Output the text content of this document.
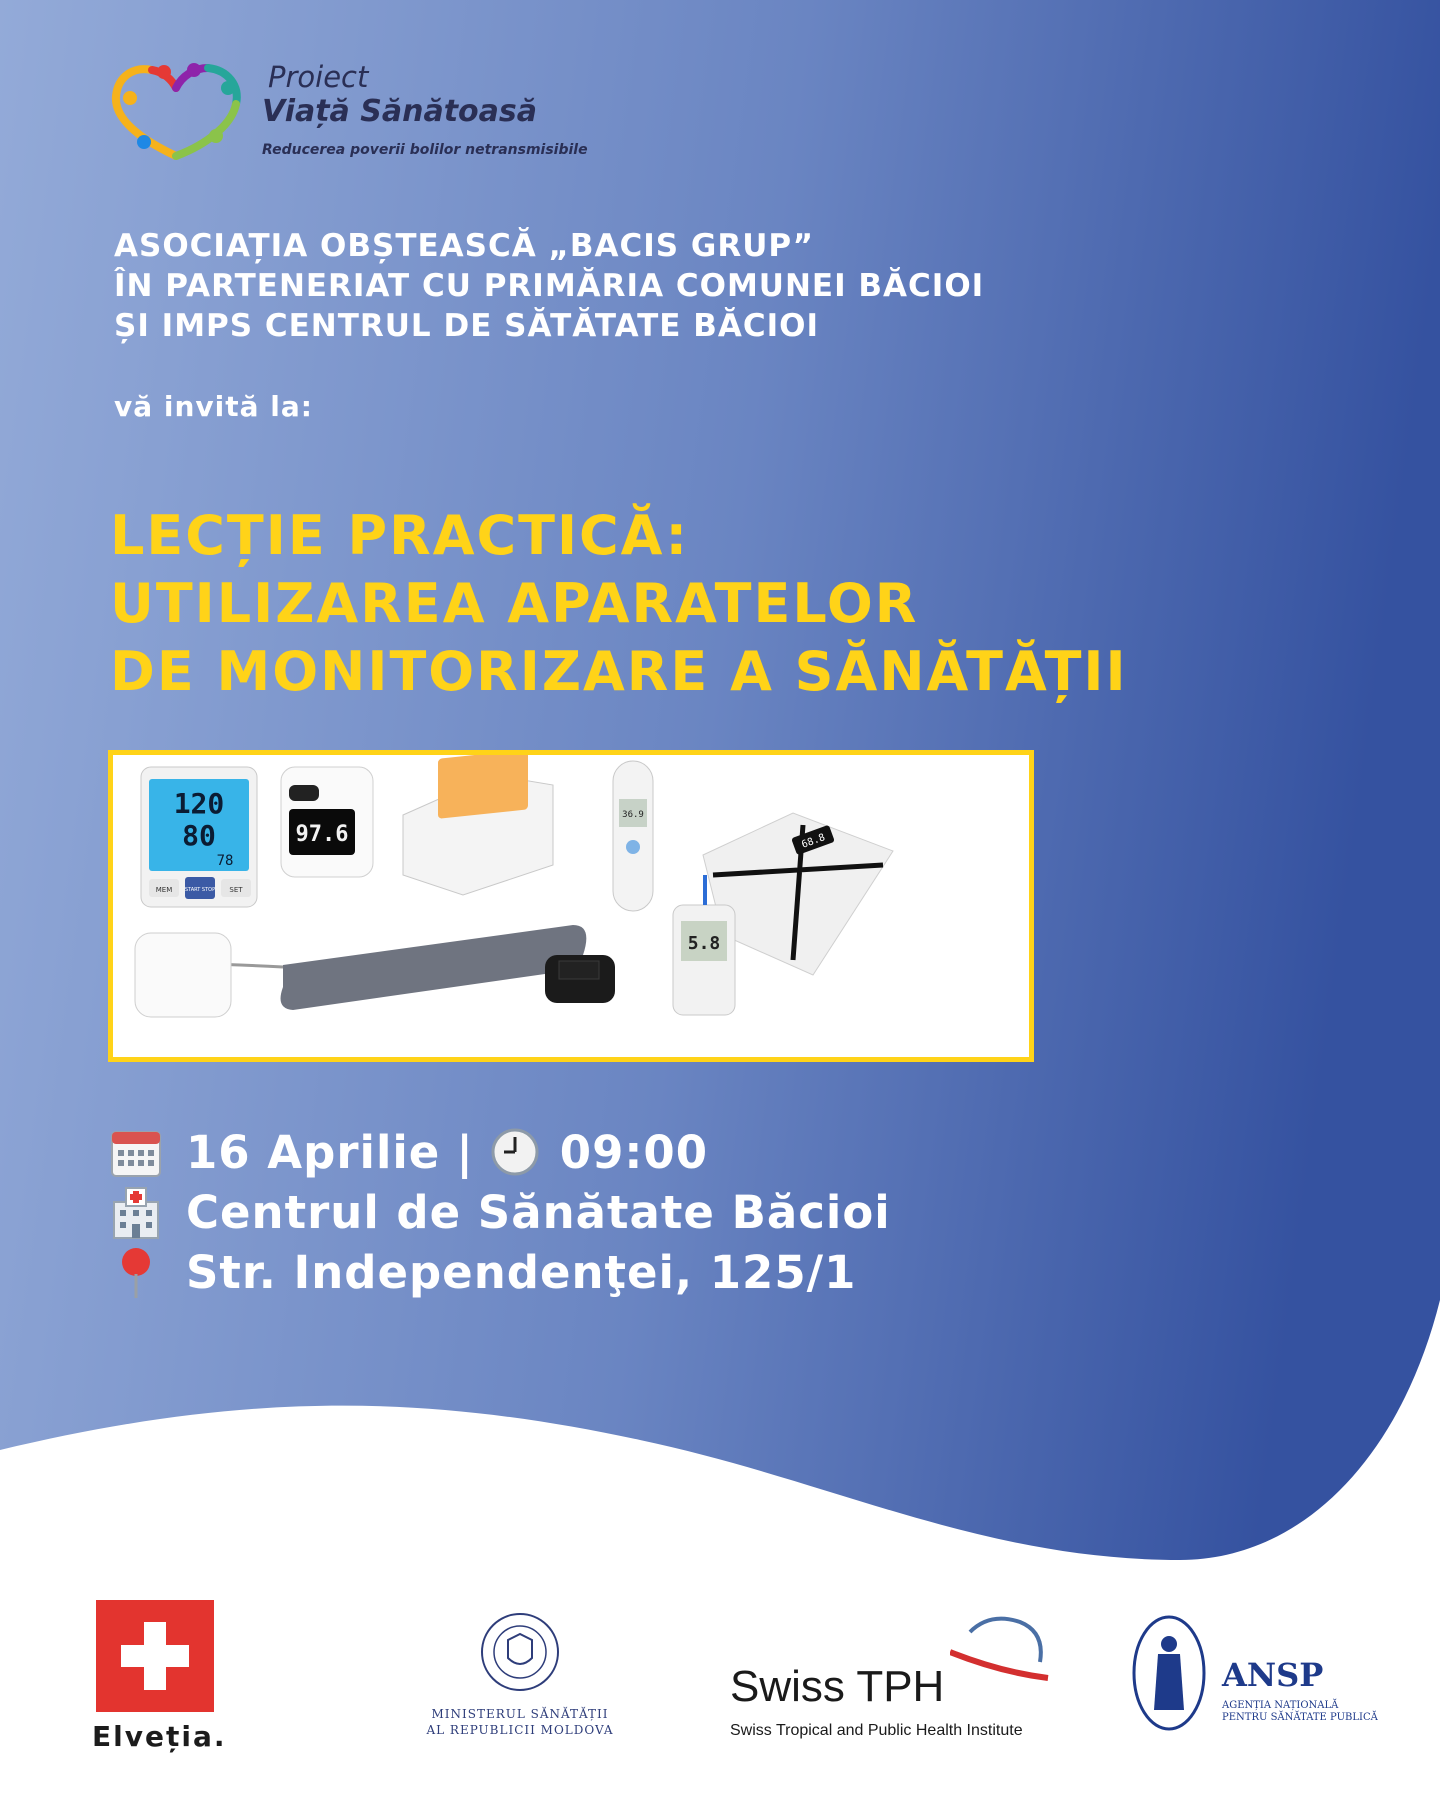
Proiect
Viață Sănătoasă
Reducerea poverii bolilor netransmisibile
ASOCIAȚIA OBȘTEASCĂ „BACIS GRUP”
ÎN PARTENERIAT CU PRIMĂRIA COMUNEI BĂCIOI
ȘI IMPS CENTRUL DE SĂTĂTATE BĂCIOI
vă invită la:
LECȚIE PRACTICĂ:
UTILIZAREA APARATELOR
DE MONITORIZARE A SĂNĂTĂȚII
120
80
78
MEM	START STOP SET
97.6
36.9
68.8
5.8
16 Aprilie | 09:00
Centrul de Sănătate Băcioi
Str. Independenţei, 125/1
Elveția.
MINISTERUL SĂNĂTĂȚII
AL REPUBLICII MOLDOVA
Swiss TPH
Swiss Tropical and Public Health Institute
ANSP
AGENȚIA NAȚIONALĂ
PENTRU SĂNĂTATE PUBLICĂ
